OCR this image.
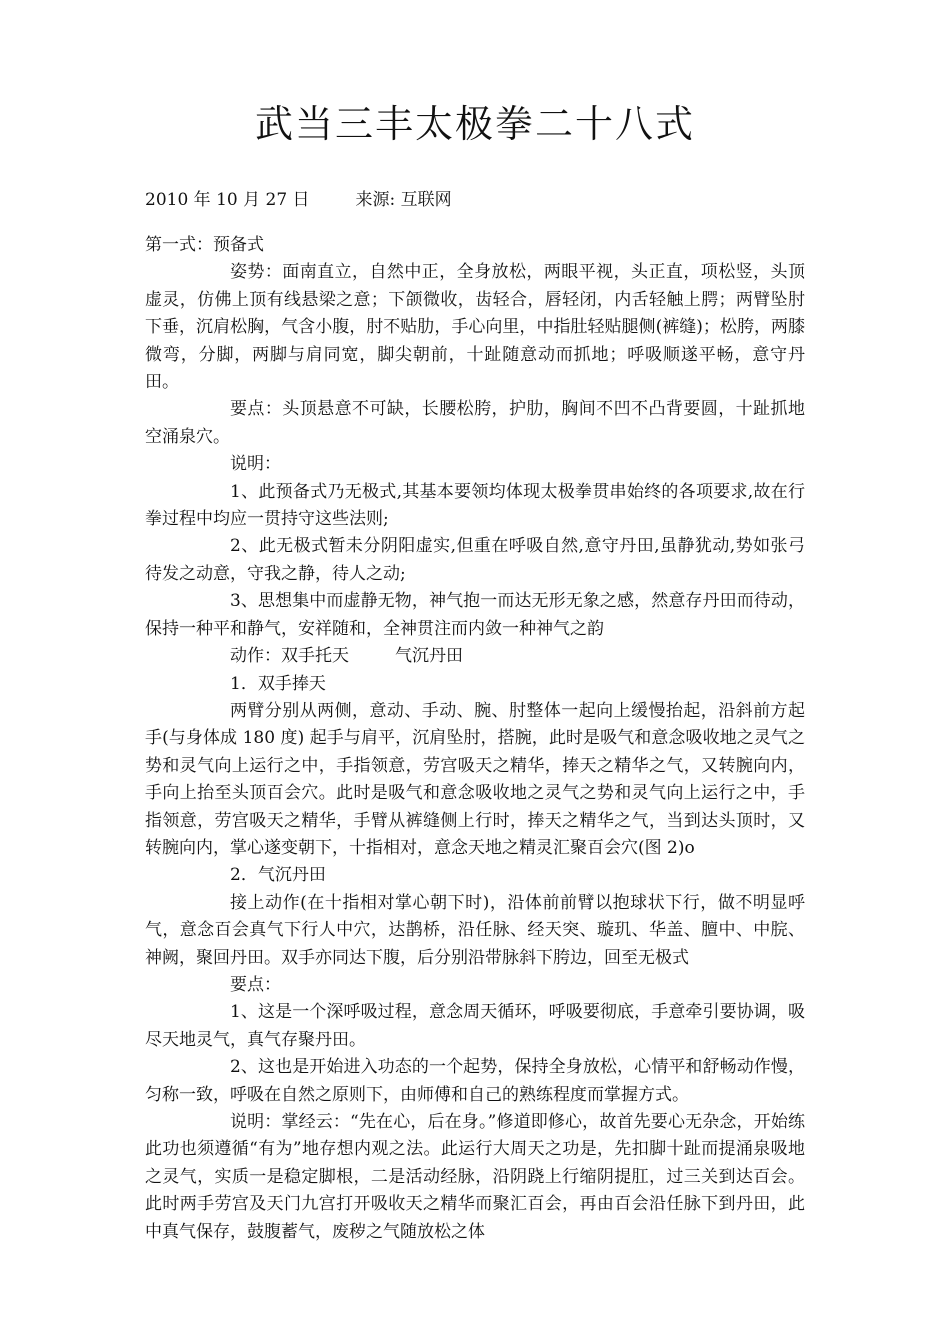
武当三丰太极拳二十八式
2010 年 10 月 27 日	来源: 互联网

第一式：预备式

姿势：面南直立，自然中正，全身放松，两眼平视，头正直，项松竖，头顶虚灵，仿佛上顶有线悬梁之意；下颌微收，齿轻合，唇轻闭，内舌轻触上腭；两臂坠肘下垂，沉肩松胸，气含小腹，肘不贴肋，手心向里，中指肚轻贴腿侧(裤缝)；松胯，两膝微弯，分脚，两脚与肩同宽，脚尖朝前，十趾随意动而抓地；呼吸顺遂平畅，意守丹田。

要点：头顶悬意不可缺，长腰松胯，护肋，胸间不凹不凸背要圆，十趾抓地空涌泉穴。

说明：

1、此预备式乃无极式,其基本要领均体现太极拳贯串始终的各项要求,故在行拳过程中均应一贯持守这些法则;

2、此无极式暂未分阴阳虚实,但重在呼吸自然,意守丹田,虽静犹动,势如张弓待发之动意，守我之静，待人之动;

3、思想集中而虚静无物，神气抱一而达无形无象之感，然意存丹田而待动，保持一种平和静气，安祥随和，全神贯注而内敛一种神气之韵

动作：双手托天	气沉丹田

1．双手捧天

两臂分别从两侧，意动、手动、腕、肘整体一起向上缓慢抬起，沿斜前方起手(与身体成 180 度) 起手与肩平，沉肩坠肘，搭腕，此时是吸气和意念吸收地之灵气之势和灵气向上运行之中，手指领意，劳宫吸天之精华，捧天之精华之气，又转腕向内，手向上抬至头顶百会穴。此时是吸气和意念吸收地之灵气之势和灵气向上运行之中，手指领意，劳宫吸天之精华，手臂从裤缝侧上行时，捧天之精华之气，当到达头顶时，又转腕向内，掌心遂变朝下，十指相对，意念天地之精灵汇聚百会穴(图 2)o

2．气沉丹田

接上动作(在十指相对掌心朝下时)，沿体前前臂以抱球状下行，做不明显呼气，意念百会真气下行人中穴，达鹊桥，沿任脉、经天突、璇玑、华盖、膻中、中脘、神阙，聚回丹田。双手亦同达下腹，后分别沿带脉斜下胯边，回至无极式

要点：

1、这是一个深呼吸过程，意念周天循环，呼吸要彻底，手意牵引要协调，吸尽天地灵气，真气存聚丹田。

2、这也是开始进入功态的一个起势，保持全身放松，心情平和舒畅动作慢，匀称一致，呼吸在自然之原则下，由师傅和自己的熟练程度而掌握方式。

说明：掌经云：“先在心，后在身。”修道即修心，故首先要心无杂念，开始练此功也须遵循“有为”地存想内观之法。此运行大周天之功是，先扣脚十趾而提涌泉吸地之灵气，实质一是稳定脚根，二是活动经脉，沿阴跷上行缩阴提肛，过三关到达百会。此时两手劳宫及天门九宫打开吸收天之精华而聚汇百会，再由百会沿任脉下到丹田，此中真气保存，鼓腹蓄气，废秽之气随放松之体
